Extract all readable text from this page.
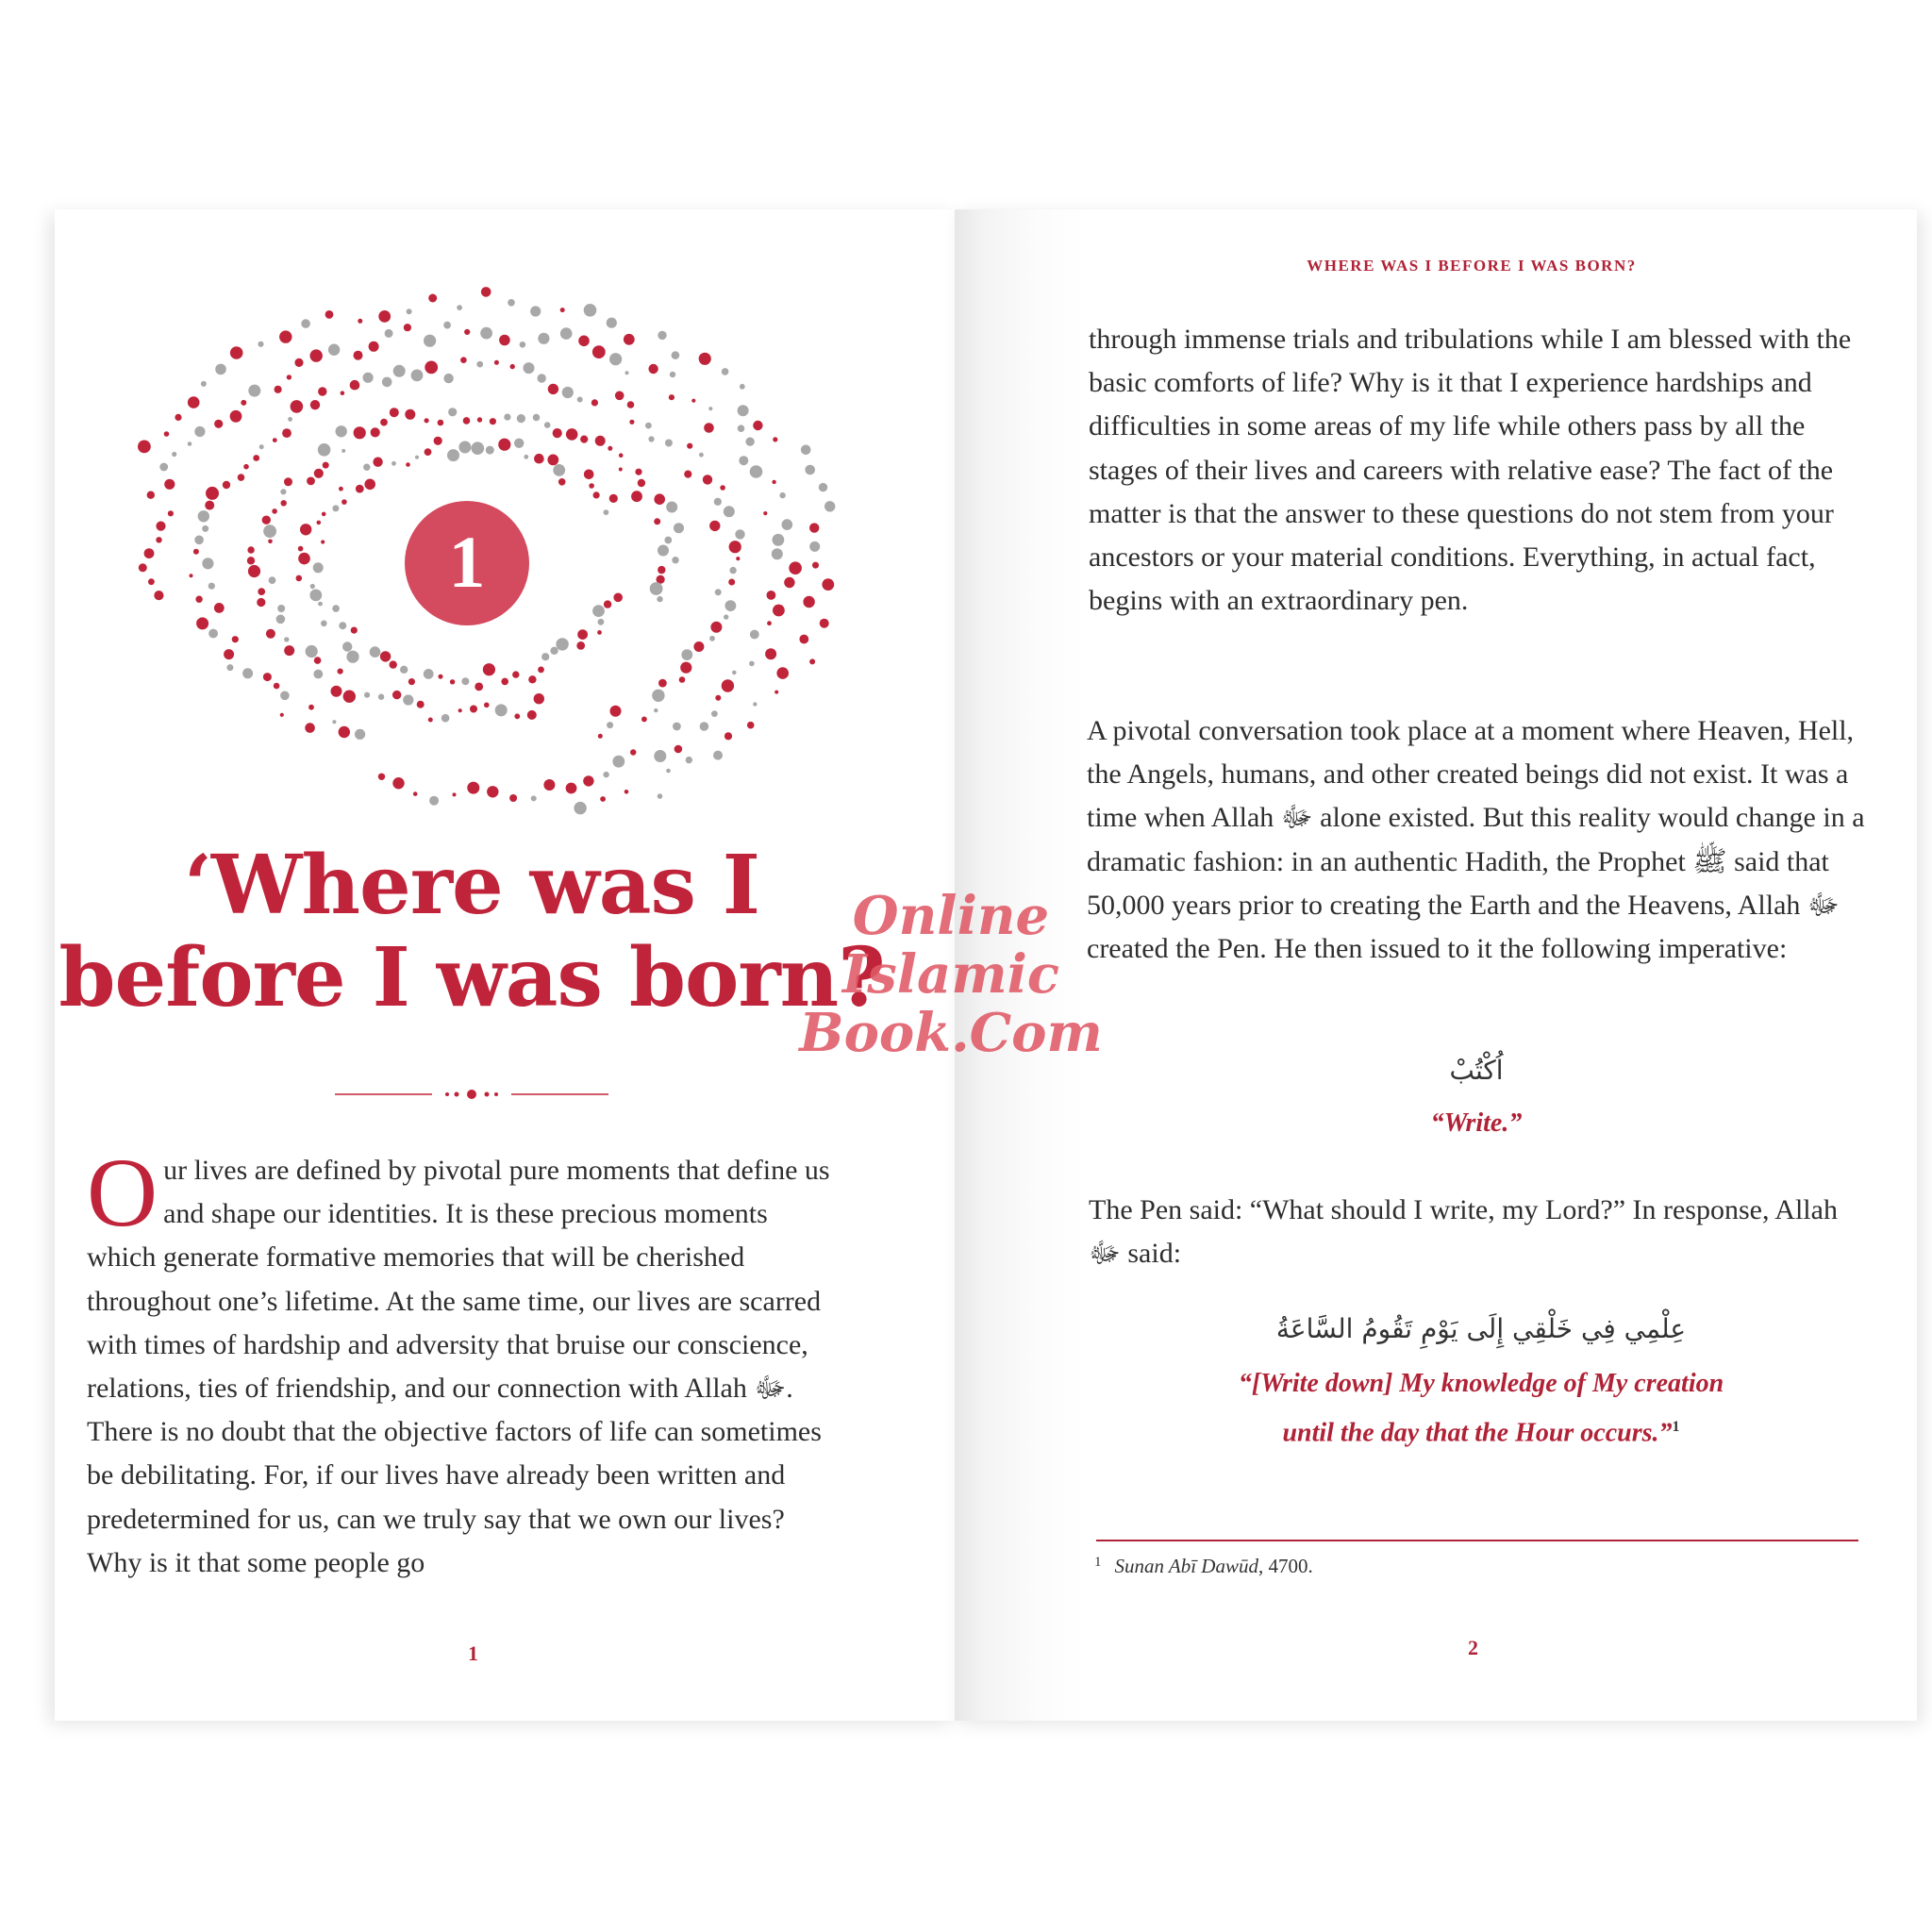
1
‘Where was I
before I was born?

Our lives are defined by pivotal pure moments that define us and shape our identities. It is these precious moments which generate formative memories that will be cherished throughout one’s lifetime. At the same time, our lives are scarred with times of hardship and adversity that bruise our conscience, relations, ties of friendship, and our connection with Allah ﷻ. There is no doubt that the objective factors of life can sometimes be debilitating. For, if our lives have already been written and predetermined for us, can we truly say that we own our lives? Why is it that some people go

1
WHERE WAS I BEFORE I WAS BORN?

through immense trials and tribulations while I am blessed with the basic comforts of life? Why is it that I experience hardships and difficulties in some areas of my life while others pass by all the stages of their lives and careers with relative ease? The fact of the matter is that the answer to these questions do not stem from your ancestors or your material conditions. Everything, in actual fact, begins with an extraordinary pen.

A pivotal conversation took place at a moment where Heaven, Hell, the Angels, humans, and other created beings did not exist. It was a time when Allah ﷻ alone existed. But this reality would change in a dramatic fashion: in an authentic Hadith, the Prophet ﷺ said that 50,000 years prior to creating the Earth and the Heavens, Allah ﷻ created the Pen. He then issued to it the following imperative:

اُكْتُبْ
“Write.”

The Pen said: “What should I write, my Lord?” In response, Allah ﷻ said:

عِلْمِي فِي خَلْقِي إِلَى يَوْمِ تَقُومُ السَّاعَةُ
“[Write down] My knowledge of My creation
until the day that the Hour occurs.”$^1$
$^1$ Sunan Abī Dawūd, 4700.
2
Online Islamic
Book.Com
